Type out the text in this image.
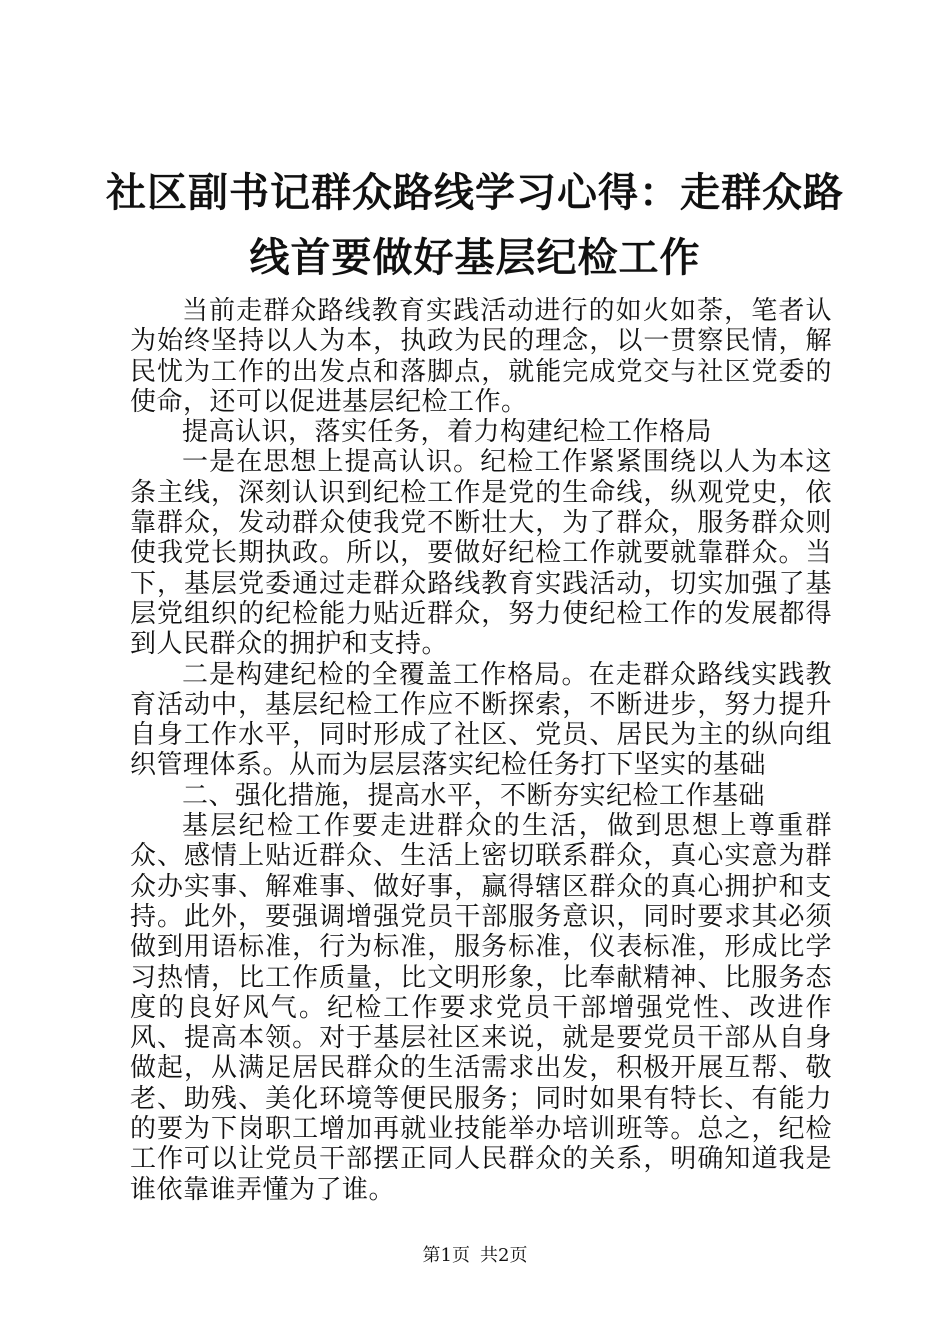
社区副书记群众路线学习心得：走群众路线首要做好基层纪检工作

当前走群众路线教育实践活动进行的如火如荼，笔者认为始终坚持以人为本，执政为民的理念，以一贯察民情，解民忧为工作的出发点和落脚点，就能完成党交与社区党委的使命，还可以促进基层纪检工作。

提高认识，落实任务，着力构建纪检工作格局

一是在思想上提高认识。纪检工作紧紧围绕以人为本这条主线，深刻认识到纪检工作是党的生命线，纵观党史，依靠群众，发动群众使我党不断壮大，为了群众，服务群众则使我党长期执政。所以，要做好纪检工作就要就靠群众。当下，基层党委通过走群众路线教育实践活动，切实加强了基层党组织的纪检能力贴近群众，努力使纪检工作的发展都得到人民群众的拥护和支持。

二是构建纪检的全覆盖工作格局。在走群众路线实践教育活动中，基层纪检工作应不断探索，不断进步，努力提升自身工作水平，同时形成了社区、党员、居民为主的纵向组织管理体系。从而为层层落实纪检任务打下坚实的基础

二、强化措施，提高水平，不断夯实纪检工作基础

基层纪检工作要走进群众的生活，做到思想上尊重群众、感情上贴近群众、生活上密切联系群众，真心实意为群众办实事、解难事、做好事，赢得辖区群众的真心拥护和支持。此外，要强调增强党员干部服务意识，同时要求其必须做到用语标准，行为标准，服务标准，仪表标准，形成比学习热情，比工作质量，比文明形象，比奉献精神、比服务态度的良好风气。纪检工作要求党员干部增强党性、改进作风、提高本领。对于基层社区来说，就是要党员干部从自身做起，从满足居民群众的生活需求出发，积极开展互帮、敬老、助残、美化环境等便民服务；同时如果有特长、有能力的要为下岗职工增加再就业技能举办培训班等。总之，纪检工作可以让党员干部摆正同人民群众的关系，明确知道我是谁依靠谁弄懂为了谁。

第1页 共2页
